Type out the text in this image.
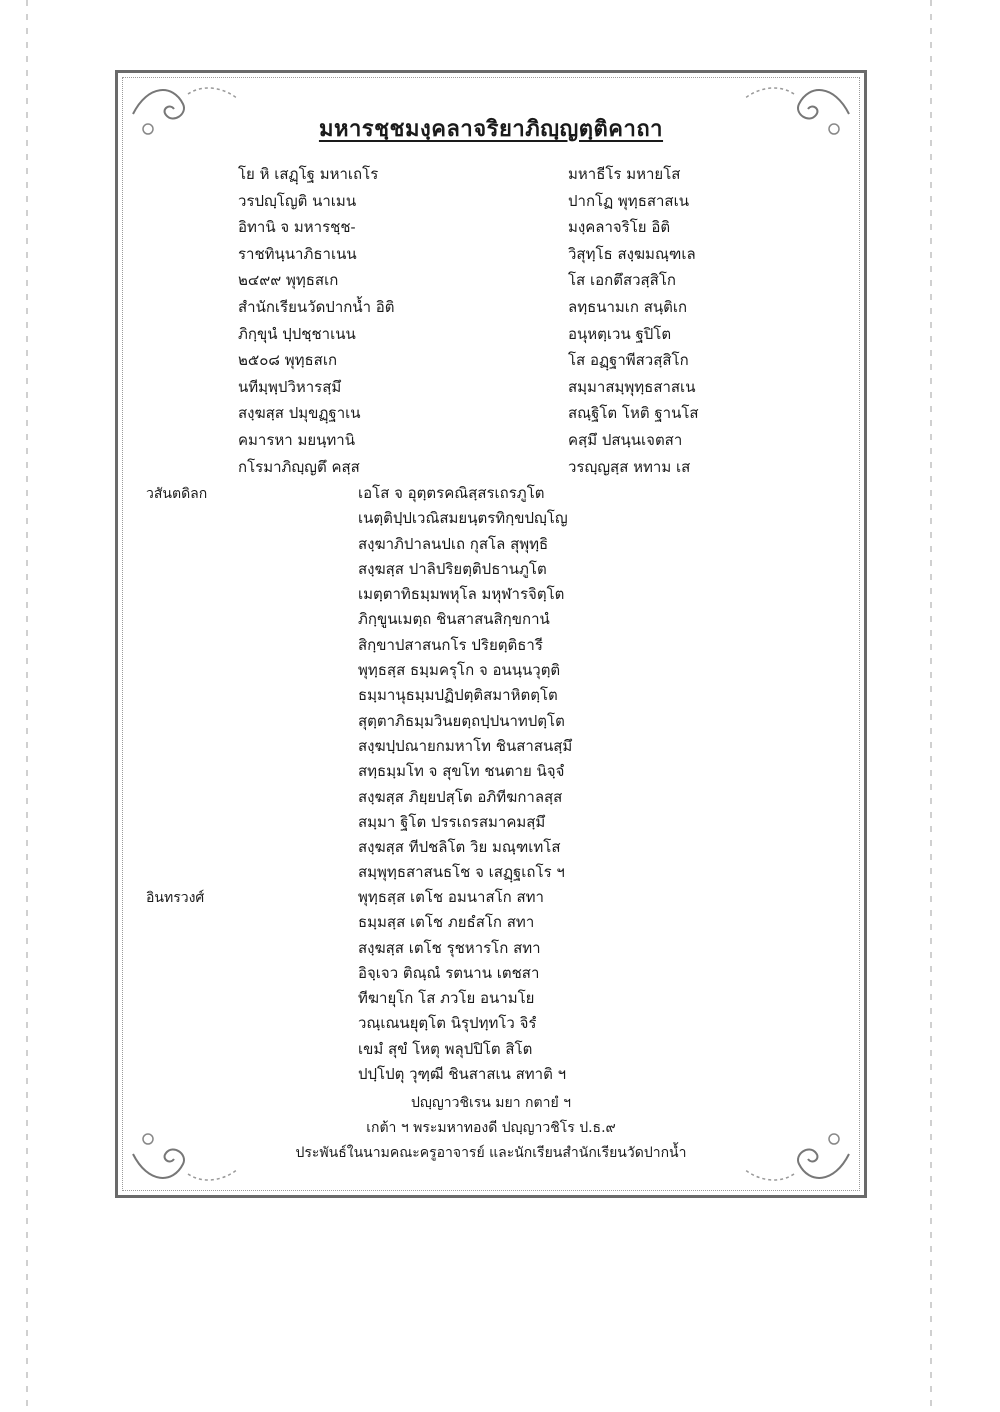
มหารชฺชมงฺคลาจริยาภิญฺญตฺติคาถา
โย หิ เสฏฺโฐ มหาเถโร	มหาธีโร มหายโส
วรปญฺโญติ นาเมน	ปากโฏ พุทฺธสาสเน
อิทานิ จ มหารชฺช-	มงฺคลาจริโย อิติ
ราชทินฺนาภิธาเนน	วิสุทฺโธ สงฺฆมณฺฑเล
๒๔๙๙ พุทฺธสเก	โส เอกตึสวสฺสิโก
สำนักเรียนวัดปากน้ำ อิติ	ลทฺธนามเก สนฺติเก
ภิกฺขุนํ ปฺปชฺชาเนน	อนุหตฺเวน ฐปิโต
๒๕๐๘ พุทฺธสเก	โส อฏฺฐาพีสวสฺสิโก
นทีมฺพฺปวิหารสฺมึ	สมฺมาสมฺพุทฺธสาสเน
สงฺฆสฺส ปมุขฏฺฐาเน	สณฺฐิโต โหติ ฐานโส
คมารหา มยนฺทานิ	คสฺมึ ปสนฺนเจตสา
กโรมาภิญฺญตึ คสฺส	วรญฺญสฺส หทาม เส
วสันตดิลก	เอโส จ อุตฺตรคณิสฺสรเถรภูโต
เนตฺติปฺปเวณิสมยนฺตรทิกฺขปญฺโญ
สงฺฆาภิปาลนปเถ กุสโล สุพุทฺธิ
สงฺฆสฺส ปาลิปริยตฺติปธานภูโต
เมตฺตาทิธมฺมพหุโล มหุฬารจิตฺโต
ภิกฺขูนเมตฺถ ชินสาสนสิกฺขกานํ
สิกฺขาปสาสนกโร ปริยตฺติธารี
พุทฺธสฺส ธมฺมครุโก จ อนนฺนวุตฺติ
ธมฺมานุธมฺมปฏิปตฺติสมาหิตตฺโต
สุตฺตาภิธมฺมวินยตฺถปฺปนาทปตฺโต
สงฺฆปฺปณายกมหาโท ชินสาสนสฺมึ
สทฺธมฺมโท จ สุขโท ชนตาย นิจฺจํ
สงฺฆสฺส ภิยฺยปสฺโต อภิทีฆกาลสฺส
สมฺมา ฐิโต ปรรเถรสมาคมสฺมึ
สงฺฆสฺส ทีปชลิโต วิย มณฺฑเทโส
สมฺพุทฺธสาสนธโช จ เสฏฺฐเถโร ฯ
อินทรวงศ์	พุทฺธสฺส เตโช อมนาสโก สทา
ธมฺมสฺส เตโช ภยธํสโก สทา
สงฺฆสฺส เตโช รุชหารโก สทา
อิจฺเจว ติณฺณํ รตนาน เตชสา
ทีฆายุโก โส ภวโย อนามโย
วณฺเณนยุตฺโต นิรุปทฺทโว จิรํ
เขมํ สุขํ โหตุ พลุปปิโต สิโต
ปปฺโปตุ วุฑฺฒี ชินสาสเน สทาติ ฯ
ปญฺญาวชิเรน มยา กตายํ ฯ
เกต้า ฯ พระมหาทองดี ปญฺญาวชิโร ป.ธ.๙
ประพันธ์ในนามคณะครูอาจารย์ และนักเรียนสำนักเรียนวัดปากน้ำ
